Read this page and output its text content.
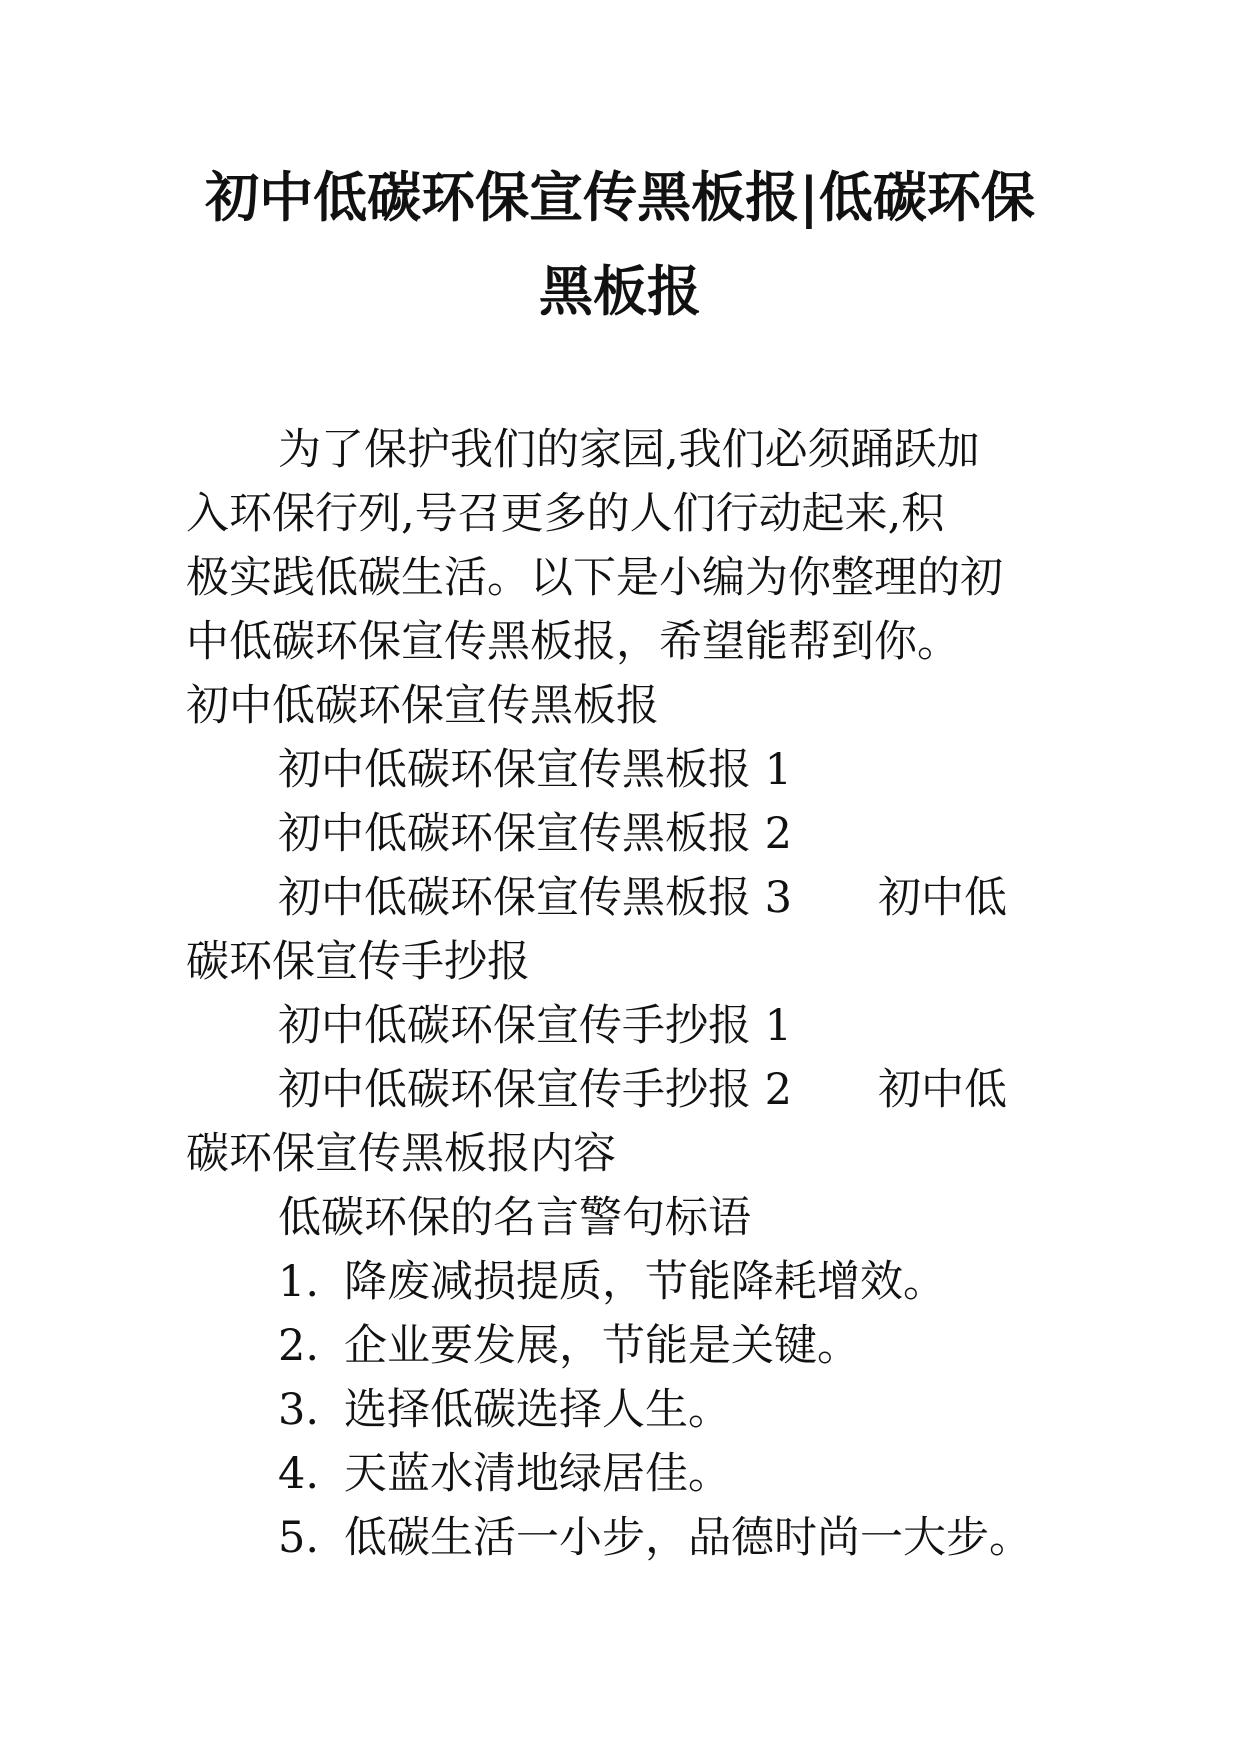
初中低碳环保宣传黑板报|低碳环保
黑板报
为了保护我们的家园,我们必须踊跃加
入环保行列,号召更多的人们行动起来,积
极实践低碳生活。以下是小编为你整理的初
中低碳环保宣传黑板报，希望能帮到你。
初中低碳环保宣传黑板报
初中低碳环保宣传黑板报 1
初中低碳环保宣传黑板报 2
初中低碳环保宣传黑板报 3 初中低
碳环保宣传手抄报
初中低碳环保宣传手抄报 1
初中低碳环保宣传手抄报 2 初中低
碳环保宣传黑板报内容
低碳环保的名言警句标语
1. 降废减损提质，节能降耗增效。
2. 企业要发展，节能是关键。
3. 选择低碳选择人生。
4. 天蓝水清地绿居佳。
5. 低碳生活一小步，品德时尚一大步。
